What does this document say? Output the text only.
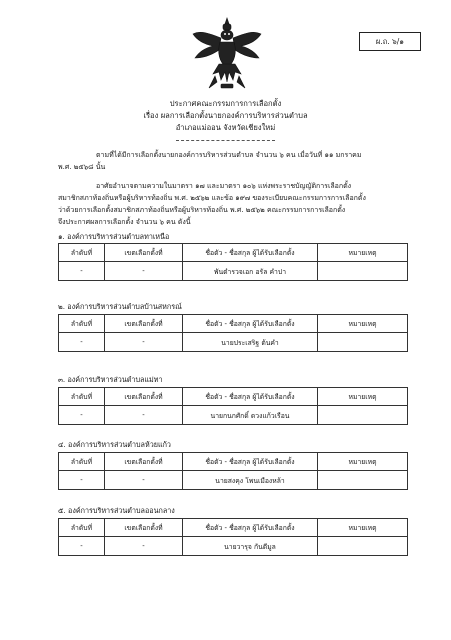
ผ.ถ. ๖/๑
ประกาศคณะกรรมการการเลือกตั้ง
เรื่อง ผลการเลือกตั้งนายกองค์การบริหารส่วนตำบล
อำเภอแม่ออน จังหวัดเชียงใหม่
ตามที่ได้มีการเลือกตั้งนายกองค์การบริหารส่วนตำบล จำนวน ๖ คน เมื่อวันที่ ๑๑ มกราคม
พ.ศ. ๒๕๖๘ นั้น
อาศัยอำนาจตามความในมาตรา ๑๗ และมาตรา ๑๐๖ แห่งพระราชบัญญัติการเลือกตั้ง
สมาชิกสภาท้องถิ่นหรือผู้บริหารท้องถิ่น พ.ศ. ๒๕๖๒ และข้อ ๑๙๗ ของระเบียบคณะกรรมการการเลือกตั้ง
ว่าด้วยการเลือกตั้งสมาชิกสภาท้องถิ่นหรือผู้บริหารท้องถิ่น พ.ศ. ๒๕๖๒ คณะกรรมการการเลือกตั้ง
จึงประกาศผลการเลือกตั้ง จำนวน ๖ คน ดังนี้
๑. องค์การบริหารส่วนตำบลทาเหนือ
ลำดับที่	เขตเลือกตั้งที่	ชื่อตัว - ชื่อสกุล ผู้ได้รับเลือกตั้ง	หมายเหตุ
-	-	พันตำรวจเอก อรัล คำปา	
๒. องค์การบริหารส่วนตำบลบ้านสหกรณ์
ลำดับที่	เขตเลือกตั้งที่	ชื่อตัว - ชื่อสกุล ผู้ได้รับเลือกตั้ง	หมายเหตุ
-	-	นายประเสริฐ ต้นคำ	
๓. องค์การบริหารส่วนตำบลแม่ทา
ลำดับที่	เขตเลือกตั้งที่	ชื่อตัว - ชื่อสกุล ผู้ได้รับเลือกตั้ง	หมายเหตุ
-	-	นายกนกศักดิ์ ดวงแก้วเรือน	
๔. องค์การบริหารส่วนตำบลห้วยแก้ว
ลำดับที่	เขตเลือกตั้งที่	ชื่อตัว - ชื่อสกุล ผู้ได้รับเลือกตั้ง	หมายเหตุ
-	-	นายสงคุง โพนเมืองหล้า	
๕. องค์การบริหารส่วนตำบลออนกลาง
ลำดับที่	เขตเลือกตั้งที่	ชื่อตัว - ชื่อสกุล ผู้ได้รับเลือกตั้ง	หมายเหตุ
-	-	นายวารุจ กันตีมูล	
